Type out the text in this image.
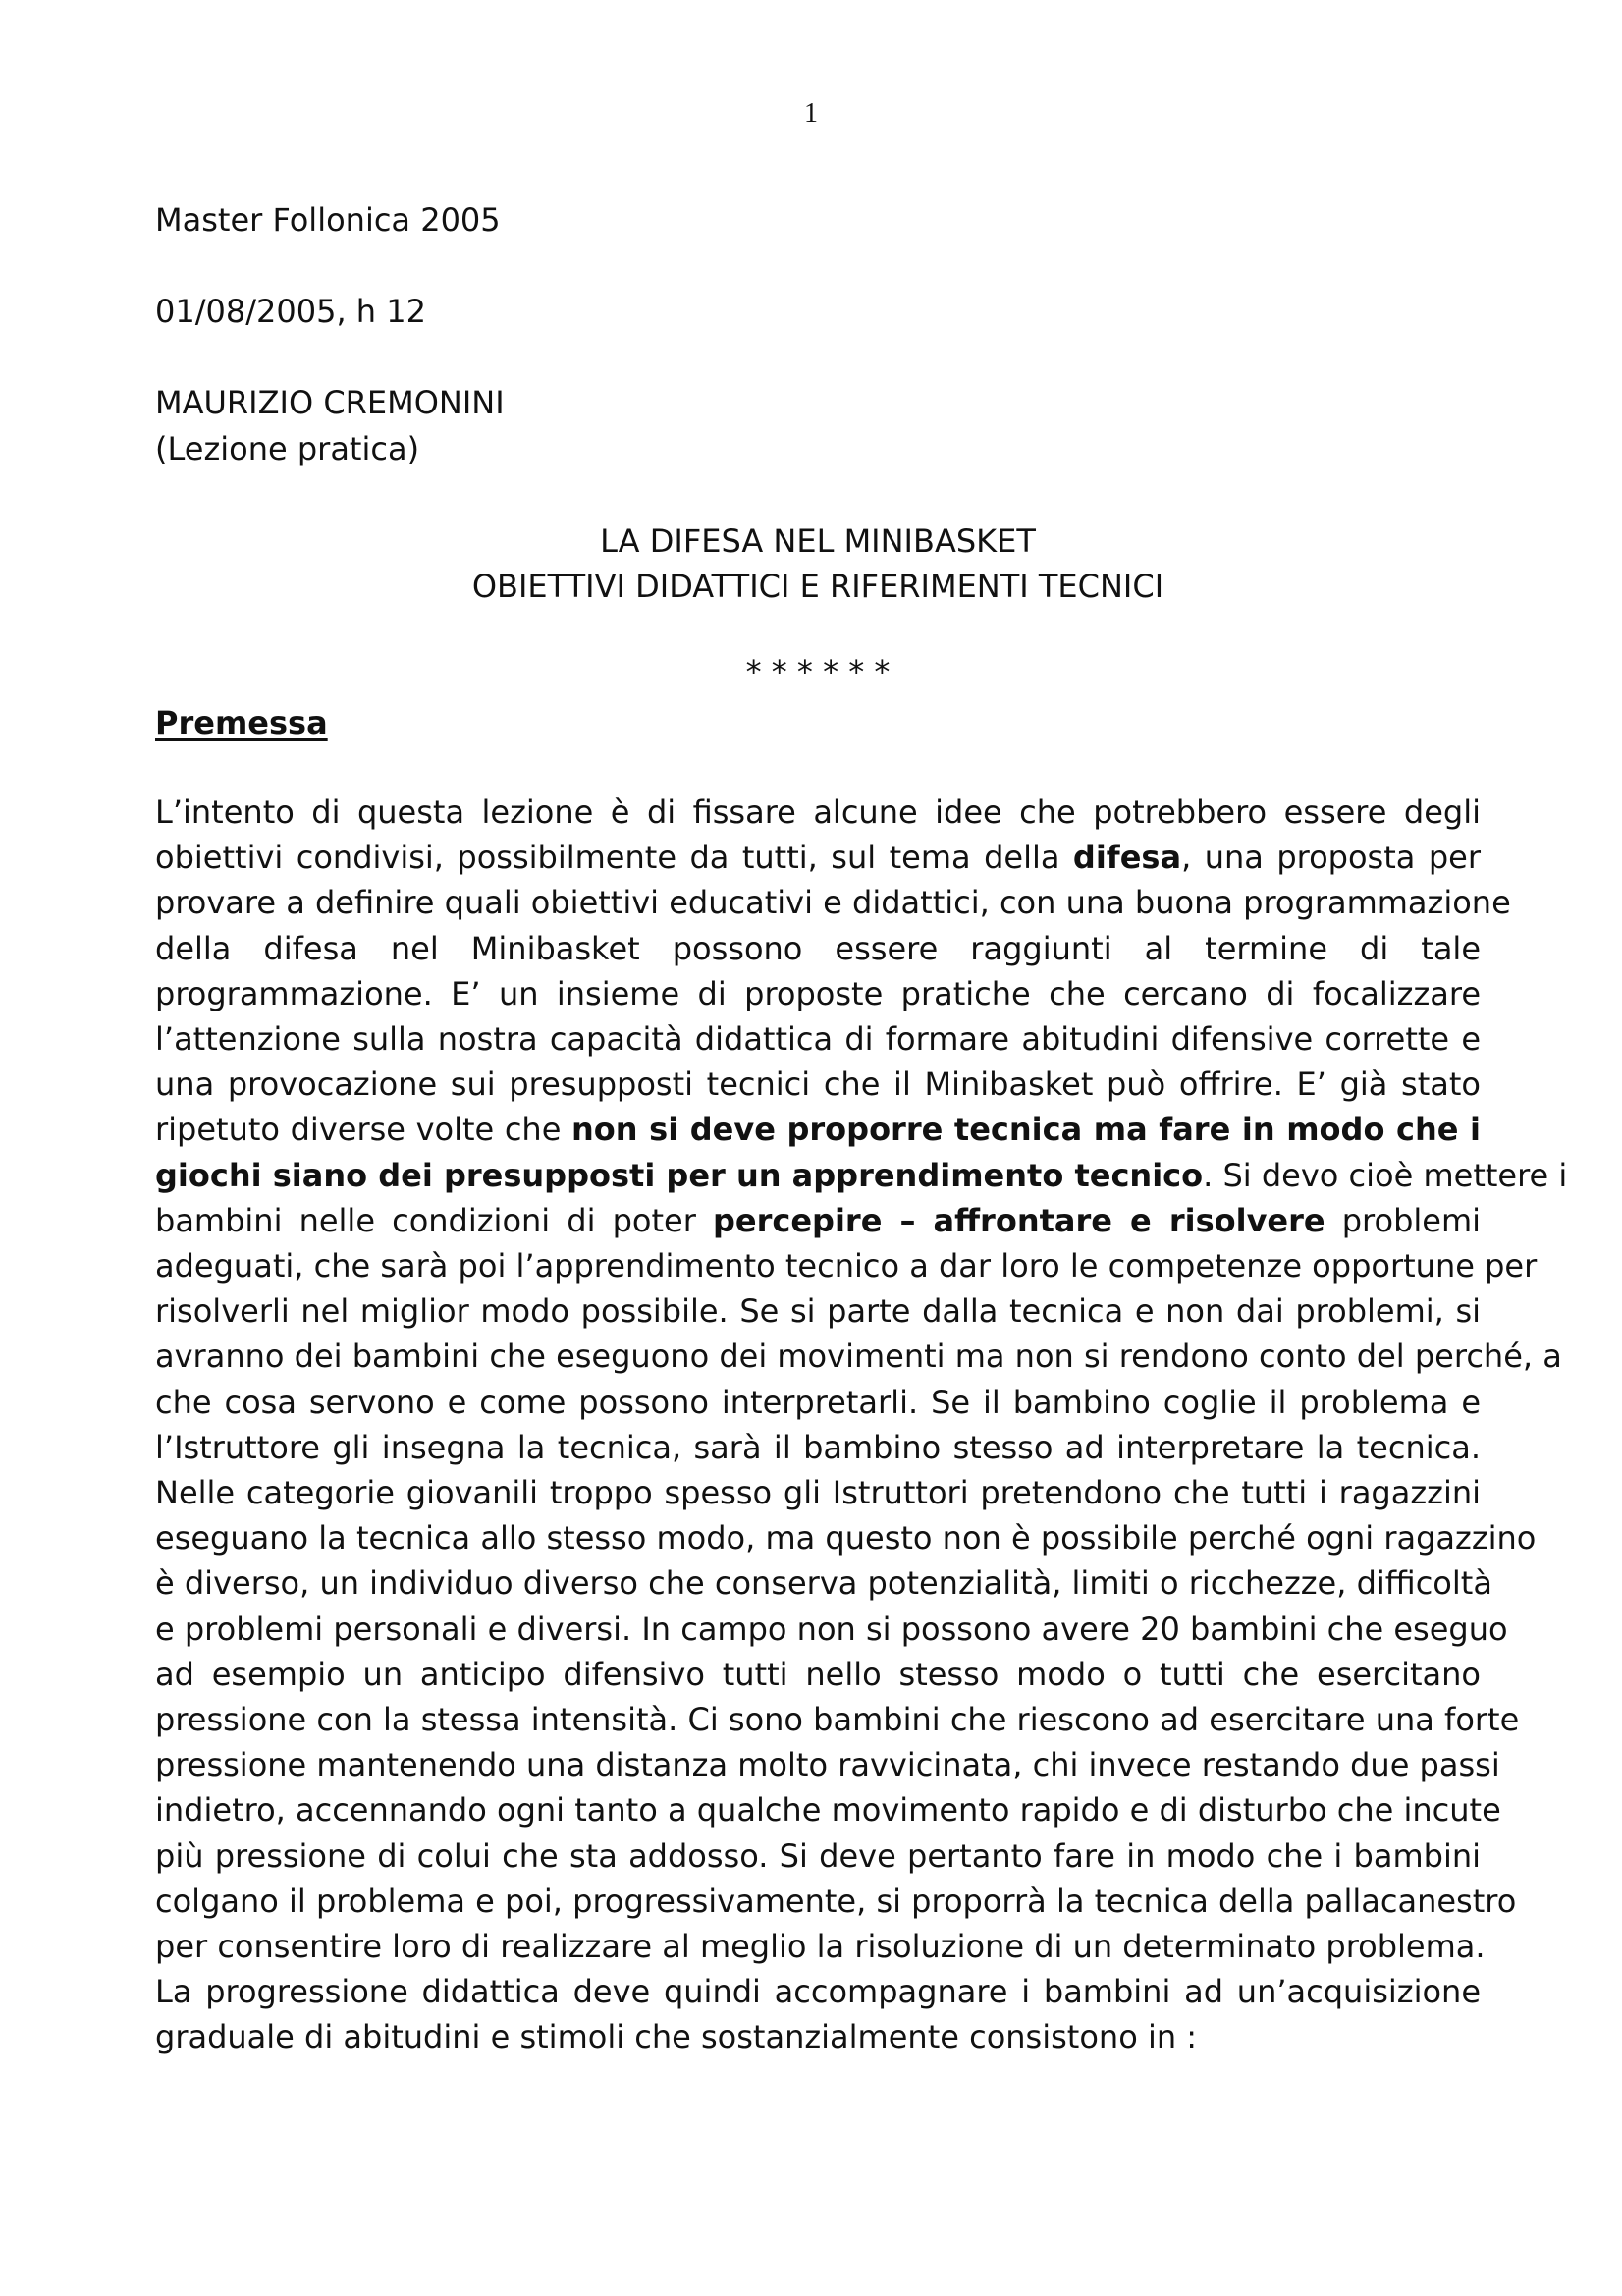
1
Master Follonica 2005
01/08/2005, h 12
MAURIZIO CREMONINI
(Lezione pratica)
LA DIFESA NEL MINIBASKET
OBIETTIVI DIDATTICI E RIFERIMENTI TECNICI
* * * * * *
Premessa

L’intento di questa lezione è di fissare alcune idee che potrebbero essere degli

obiettivi condivisi, possibilmente da tutti, sul tema della difesa, una proposta per

provare a definire quali obiettivi educativi e didattici, con una buona programmazione

della difesa nel Minibasket possono essere raggiunti al termine di tale

programmazione. E’ un insieme di proposte pratiche che cercano di focalizzare

l’attenzione sulla nostra capacità didattica di formare abitudini difensive corrette e

una provocazione sui presupposti tecnici che il Minibasket può offrire. E’ già stato

ripetuto diverse volte che non si deve proporre tecnica ma fare in modo che i

giochi siano dei presupposti per un apprendimento tecnico. Si devo cioè mettere i

bambini nelle condizioni di poter percepire – affrontare e risolvere problemi

adeguati, che sarà poi l’apprendimento tecnico a dar loro le competenze opportune per

risolverli nel miglior modo possibile. Se si parte dalla tecnica e non dai problemi, si

avranno dei bambini che eseguono dei movimenti ma non si rendono conto del perché, a

che cosa servono e come possono interpretarli. Se il bambino coglie il problema e

l’Istruttore gli insegna la tecnica, sarà il bambino stesso ad interpretare la tecnica.

Nelle categorie giovanili troppo spesso gli Istruttori pretendono che tutti i ragazzini

eseguano la tecnica allo stesso modo, ma questo non è possibile perché ogni ragazzino

è diverso, un individuo diverso che conserva potenzialità, limiti o ricchezze, difficoltà

e problemi personali e diversi. In campo non si possono avere 20 bambini che eseguo

ad esempio un anticipo difensivo tutti nello stesso modo o tutti che esercitano

pressione con la stessa intensità. Ci sono bambini che riescono ad esercitare una forte

pressione mantenendo una distanza molto ravvicinata, chi invece restando due passi

indietro, accennando ogni tanto a qualche movimento rapido e di disturbo che incute

più pressione di colui che sta addosso. Si deve pertanto fare in modo che i bambini

colgano il problema e poi, progressivamente, si proporrà la tecnica della pallacanestro

per consentire loro di realizzare al meglio la risoluzione di un determinato problema.

La progressione didattica deve quindi accompagnare i bambini ad un’acquisizione

graduale di abitudini e stimoli che sostanzialmente consistono in :
